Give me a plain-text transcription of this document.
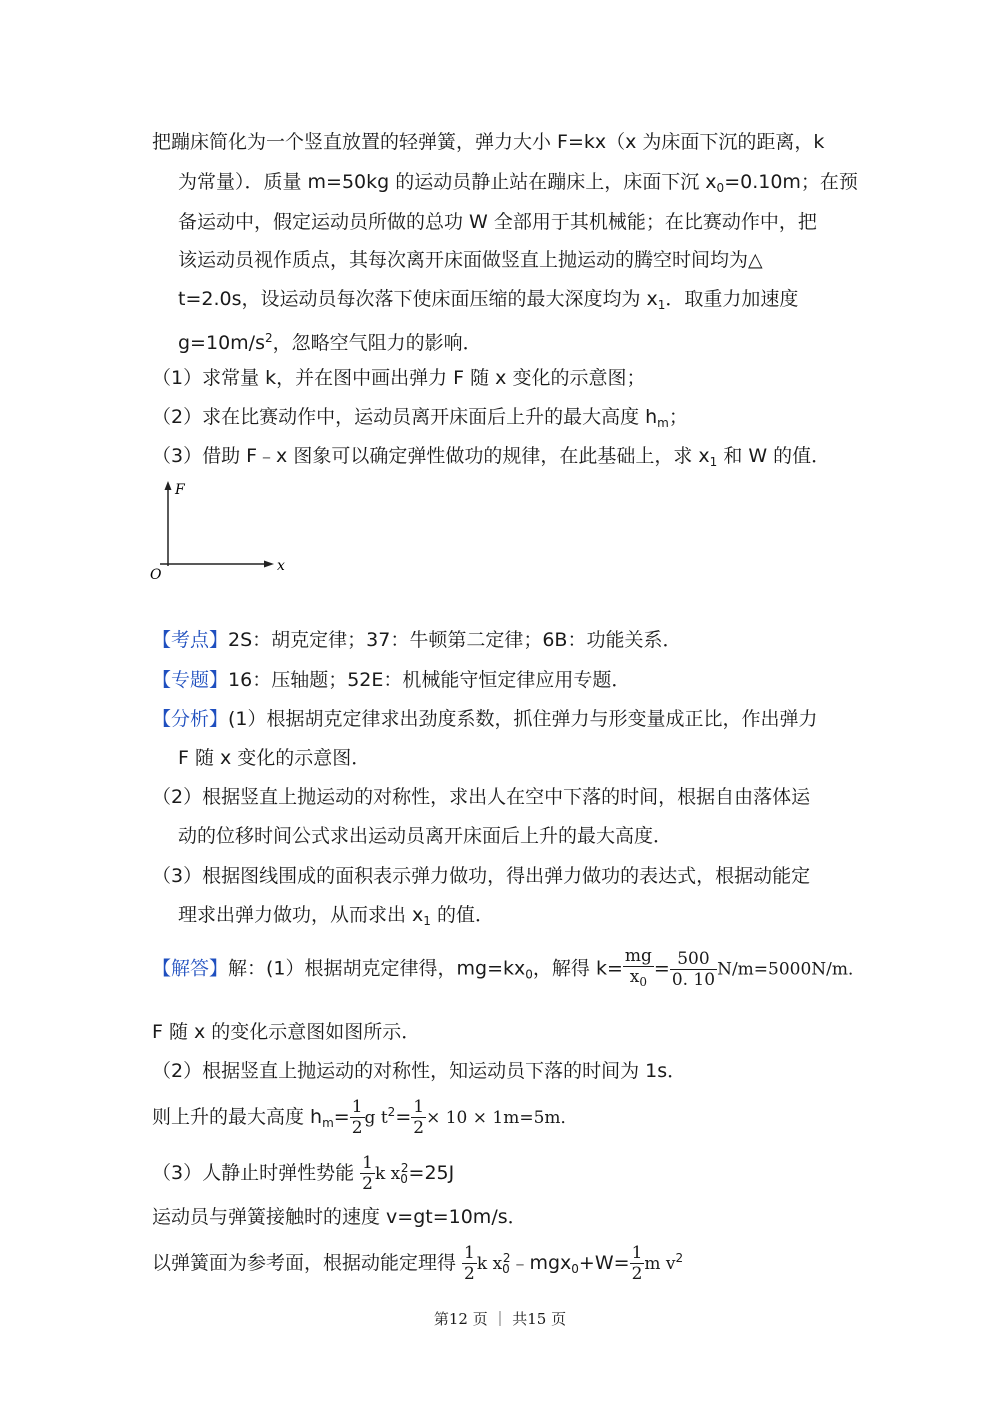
把蹦床简化为一个竖直放置的轻弹簧，弹力大小 F=kx（x 为床面下沉的距离，k
为常量）．质量 m=50kg 的运动员静止站在蹦床上，床面下沉 $x_0=0.10m$；在预
备运动中，假定运动员所做的总功 W 全部用于其机械能；在比赛动作中，把
该运动员视作质点，其每次离开床面做竖直上抛运动的腾空时间均为△
t=2.0s，设运动员每次落下使床面压缩的最大深度均为 $x_1$．取重力加速度
$g=10m/s^2$，忽略空气阻力的影响．
（1）求常量 k，并在图中画出弹力 F 随 x 变化的示意图；
（2）求在比赛动作中，运动员离开床面后上升的最大高度 $h_m$；
（3）借助 F﹣x 图象可以确定弹性做功的规律，在此基础上，求 $x_1$ 和 W 的值．
F
x
O
【考点】2S：胡克定律；37：牛顿第二定律；6B：功能关系．
【专题】16：压轴题；52E：机械能守恒定律应用专题．
【分析】(1）根据胡克定律求出劲度系数，抓住弹力与形变量成正比，作出弹力
F 随 x 变化的示意图．
（2）根据竖直上抛运动的对称性，求出人在空中下落的时间，根据自由落体运
动的位移时间公式求出运动员离开床面后上升的最大高度．
（3）根据图线围成的面积表示弹力做功，得出弹力做功的表达式，根据动能定
理求出弹力做功，从而求出 $x_1$ 的值．
【解答】解：(1）根据胡克定律得，$mg=kx_0$，解得 $k= \frac{mg}{x_0} = \frac{500}{0. 10} N/m=5000N/m$．
F 随 x 的变化示意图如图所示．
（2）根据竖直上抛运动的对称性，知运动员下落的时间为 1s．
则上升的最大高度 $h_m= \frac{1}{2}$ g $t^2= \frac{1}{2} \times 10 \times 1m=5m$．
（3）人静止时弹性势能 $\frac{1}{2}$ k $x_0^2=25J$
运动员与弹簧接触时的速度 v=gt=10m/s．
以弹簧面为参考面，根据动能定理得 $\frac{1}{2}$ k $x_0^2﹣mgx_0+W= \frac{1}{2}$ m $v^2$
第12 页 ｜ 共15 页
